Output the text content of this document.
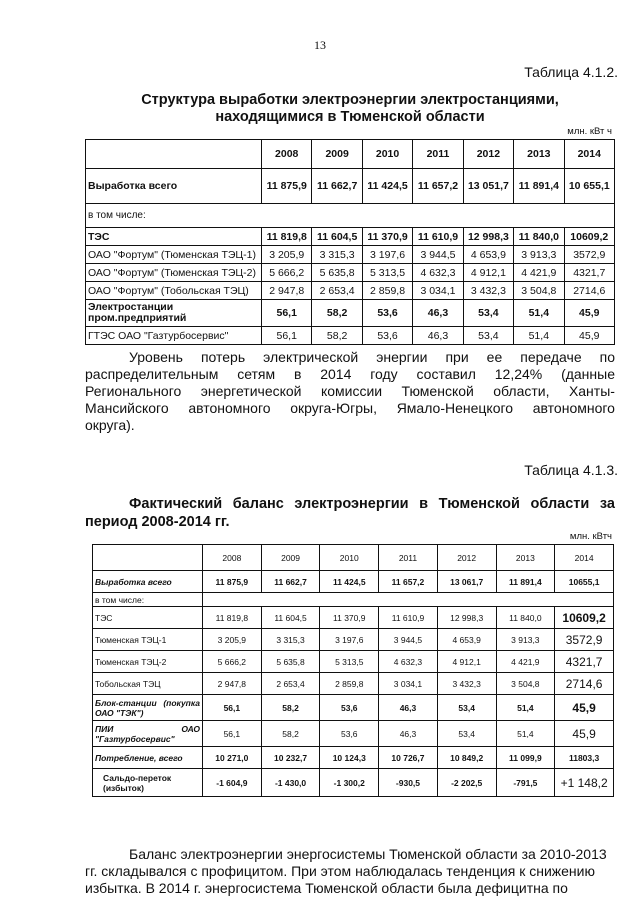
13
Таблица 4.1.2.
Структура выработки электроэнергии электростанциями,
находящимися в Тюменской области
млн. кВт ч
	2008	2009	2010	2011	2012	2013	2014
Выработка всего	11 875,9	11 662,7	11 424,5	11 657,2	13 051,7	11 891,4	10 655,1
в том числе:							
ТЭС	11 819,8	11 604,5	11 370,9	11 610,9	12 998,3	11 840,0	10609,2
ОАО "Фортум" (Тюменская ТЭЦ-1)	3 205,9	3 315,3	3 197,6	3 944,5	4 653,9	3 913,3	3572,9
ОАО "Фортум" (Тюменская ТЭЦ-2)	5 666,2	5 635,8	5 313,5	4 632,3	4 912,1	4 421,9	4321,7
ОАО "Фортум" (Тобольская ТЭЦ)	2 947,8	2 653,4	2 859,8	3 034,1	3 432,3	3 504,8	2714,6

Электростанции
пром.предприятий	56,1	58,2	53,6	46,3	53,4	51,4	45,9
ГТЭС ОАО "Газтурбосервис"	56,1	58,2	53,6	46,3	53,4	51,4	45,9
Уровень потерь электрической энергии при ее передаче по
распределительным сетям в 2014 году составил 12,24% (данные
Регионального энергетической комиссии Тюменской области, Ханты-
Мансийского автономного округа-Югры, Ямало-Ненецкого автономного
округа).
Таблица 4.1.3.
Фактический баланс электроэнергии в Тюменской области за
период 2008-2014 гг.
млн. кВтч
	2008	2009	2010	2011	2012	2013	2014
Выработка всего	11 875,9	11 662,7	11 424,5	11 657,2	13 061,7	11 891,4	10655,1
в том числе:							
ТЭС	11 819,8	11 604,5	11 370,9	11 610,9	12 998,3	11 840,0	10609,2
Тюменская ТЭЦ-1	3 205,9	3 315,3	3 197,6	3 944,5	4 653,9	3 913,3	3572,9
Тюменская ТЭЦ-2	5 666,2	5 635,8	5 313,5	4 632,3	4 912,1	4 421,9	4321,7
Тобольская ТЭЦ	2 947,8	2 653,4	2 859,8	3 034,1	3 432,3	3 504,8	2714,6

Блок-станции (покупка
ОАО "ТЭК")	56,1	58,2	53,6	46,3	53,4	51,4	45,9

ПИИ ОАО
"Газтурбосервис"	56,1	58,2	53,6	46,3	53,4	51,4	45,9
Потребление, всего	10 271,0	10 232,7	10 124,3	10 726,7	10 849,2	11 099,9	11803,3

Сальдо-переток
(избыток)	-1 604,9	-1 430,0	-1 300,2	-930,5	-2 202,5	-791,5	+1 148,2
Баланс электроэнергии энергосистемы Тюменской области за 2010-2013
гг. складывался с профицитом. При этом наблюдалась тенденция к снижению
избытка. В 2014 г. энергосистема Тюменской области была дефицитна по
